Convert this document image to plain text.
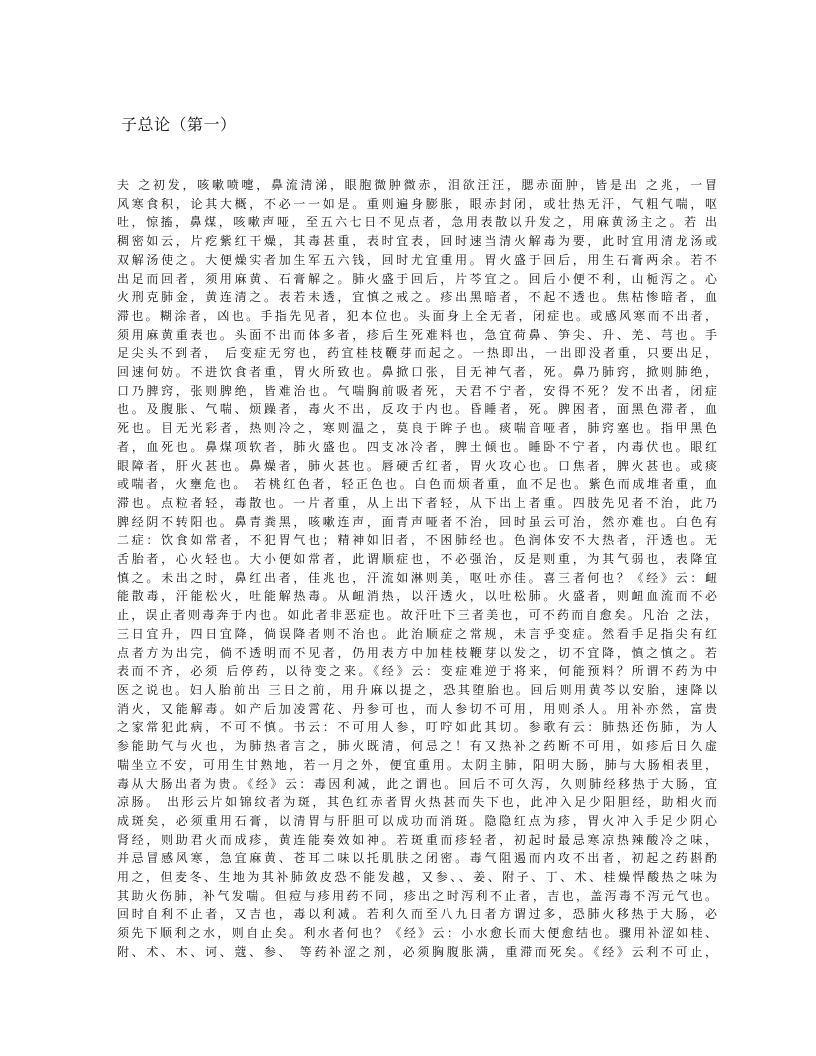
子总论（第一）
夫 之初发，咳嗽喷嚏，鼻流清涕，眼胞微肿微赤，泪欲汪汪，腮赤面肿，皆是出 之兆，一冒
风寒食积，论其大概，不必一一如是。重则遍身膨胀，眼赤封闭，或壮热无汗，气粗气喘，呕
吐，惊搐，鼻煤，咳嗽声哑，至五六七日不见点者，急用表散以升发之，用麻黄汤主之。若 出
稠密如云，片疙紫红干燥，其毒甚重，表时宜表，回时速当清火解毒为要，此时宜用清龙汤或
双解汤使之。大便燥实者加生军五六钱，回时尤宜重用。胃火盛于回后，用生石膏两余。若不
出足而回者，须用麻黄、石膏解之。肺火盛于回后，片芩宜之。回后小便不利，山栀泻之。心
火刑克肺金，黄连清之。表若未透，宜慎之戒之。疹出黑暗者，不起不透也。焦枯惨暗者，血
滞也。糊涂者，凶也。手指先见者，犯本位也。头面身上全无者，闭症也。或感风寒而不出者，
须用麻黄重表也。头面不出而体多者，疹后生死难料也，急宜荷鼻、笋尖、升、羌、芎也。手
足尖头不到者， 后变症无穷也，药宜桂枝鞭芽而起之。一热即出，一出即没者重，只要出足，
回速何妨。不进饮食者重，胃火所致也。鼻掀口张，目无神气者，死。鼻乃肺窍，掀则肺绝，
口乃脾窍，张则脾绝，皆难治也。气喘胸前吸者死，天君不宁者，安得不死？发不出者，闭症
也。及腹胀、气喘、烦躁者，毒火不出，反攻于内也。昏睡者，死。脾困者，面黑色滞者，血
死也。目无光彩者，热则冷之，寒则温之，莫良于眸子也。痰喘音哑者，肺窍塞也。指甲黑色
者，血死也。鼻煤项软者，肺火盛也。四支冰冷者，脾土倾也。睡卧不宁者，内毒伏也。眼红
眼障者，肝火甚也。鼻燥者，肺火甚也。唇硬舌红者，胃火攻心也。口焦者，脾火甚也。或痰
或喘者，火壅危也。 若桃红色者，轻正色也。白色而烦者重，血不足也。紫色而成堆者重，血
滞也。点粒者轻，毒散也。一片者重，从上出下者轻，从下出上者重。四肢先见者不治，此乃
脾经阴不转阳也。鼻青粪黑，咳嗽连声，面青声哑者不治，回时虽云可治，然亦难也。白色有
二症：饮食如常者，不犯胃气也；精神如旧者，不困肺经也。色润体安不大热者，汗透也。无
舌胎者，心火轻也。大小便如常者，此谓顺症也，不必强治，反是则重，为其气弱也，表降宜
慎之。未出之时，鼻红出者，佳兆也，汗流如淋则美，呕吐亦佳。喜三者何也？《经》云：衄
能散毒，汗能松火，吐能解热毒。从衄消热，以汗透火，以吐松肺。火盛者，则衄血流而不必
止，误止者则毒奔于内也。如此者非恶症也。故汗吐下三者美也，可不药而自愈矣。凡治 之法，
三日宜升，四日宜降，倘误降者则不治也。此治顺症之常规，未言乎变症。然看手足指尖有红
点者方为出完，倘不透明而不见者，仍用表方中加桂枝鞭芽以发之，切不宜降，慎之慎之。若
表而不齐，必须 后停药，以待变之来。《经》云：变症难逆于将来，何能预料？所谓不药为中
医之说也。妇人胎前出 三日之前，用升麻以提之，恐其堕胎也。回后则用黄芩以安胎，速降以
消火，又能解毒。如产后加凌霄花、丹参可也，而人参切不可用，用则杀人。用补亦然，富贵
之家常犯此病，不可不慎。书云：不可用人参，叮咛如此其切。参歌有云：肺热还伤肺，为人
参能助气与火也，为肺热者言之，肺火既清，何忌之！有又热补之药断不可用，如疹后日久虚
喘坐立不安，可用生甘熟地，若一月之外，便宜重用。太阴主肺，阳明大肠，肺与大肠相表里，
毒从大肠出者为贵。《经》云：毒因利减，此之谓也。回后不可久泻，久则肺经移热于大肠，宜
凉肠。 出形云片如锦纹者为斑，其色红赤者胃火热甚而失下也，此冲入足少阳胆经，助相火而
成斑矣，必须重用石膏，以清胃与肝胆可以成功而消斑。隐隐红点为疹，胃火冲入手足少阴心
肾经，则助君火而成疹，黄连能奏效如神。若斑重而疹轻者，初起时最忌寒凉热辣酸冷之味，
并忌冒感风寒，急宜麻黄、苍耳二味以托肌肤之闭密。毒气阻遏而内攻不出者，初起之药斟酌
用之，但麦冬、生地为其补肺敛皮恐不能发越，又参、、姜、附子、丁、术、桂燥悍酸热之味为
其助火伤肺，补气发喘。但痘与疹用药不同，疹出之时泻利不止者，吉也，盖泻毒不泻元气也。
回时自利不止者，又吉也，毒以利减。若利久而至八九日者方谓过多，恐肺火移热于大肠，必
须先下顺利之水，则自止矣。利水者何也？《经》云：小水愈长而大便愈结也。骤用补涩如桂、
附、术、木、诃、蔻、参、 等药补涩之剂，必须胸腹胀满，重滞而死矣。《经》云利不可止，
